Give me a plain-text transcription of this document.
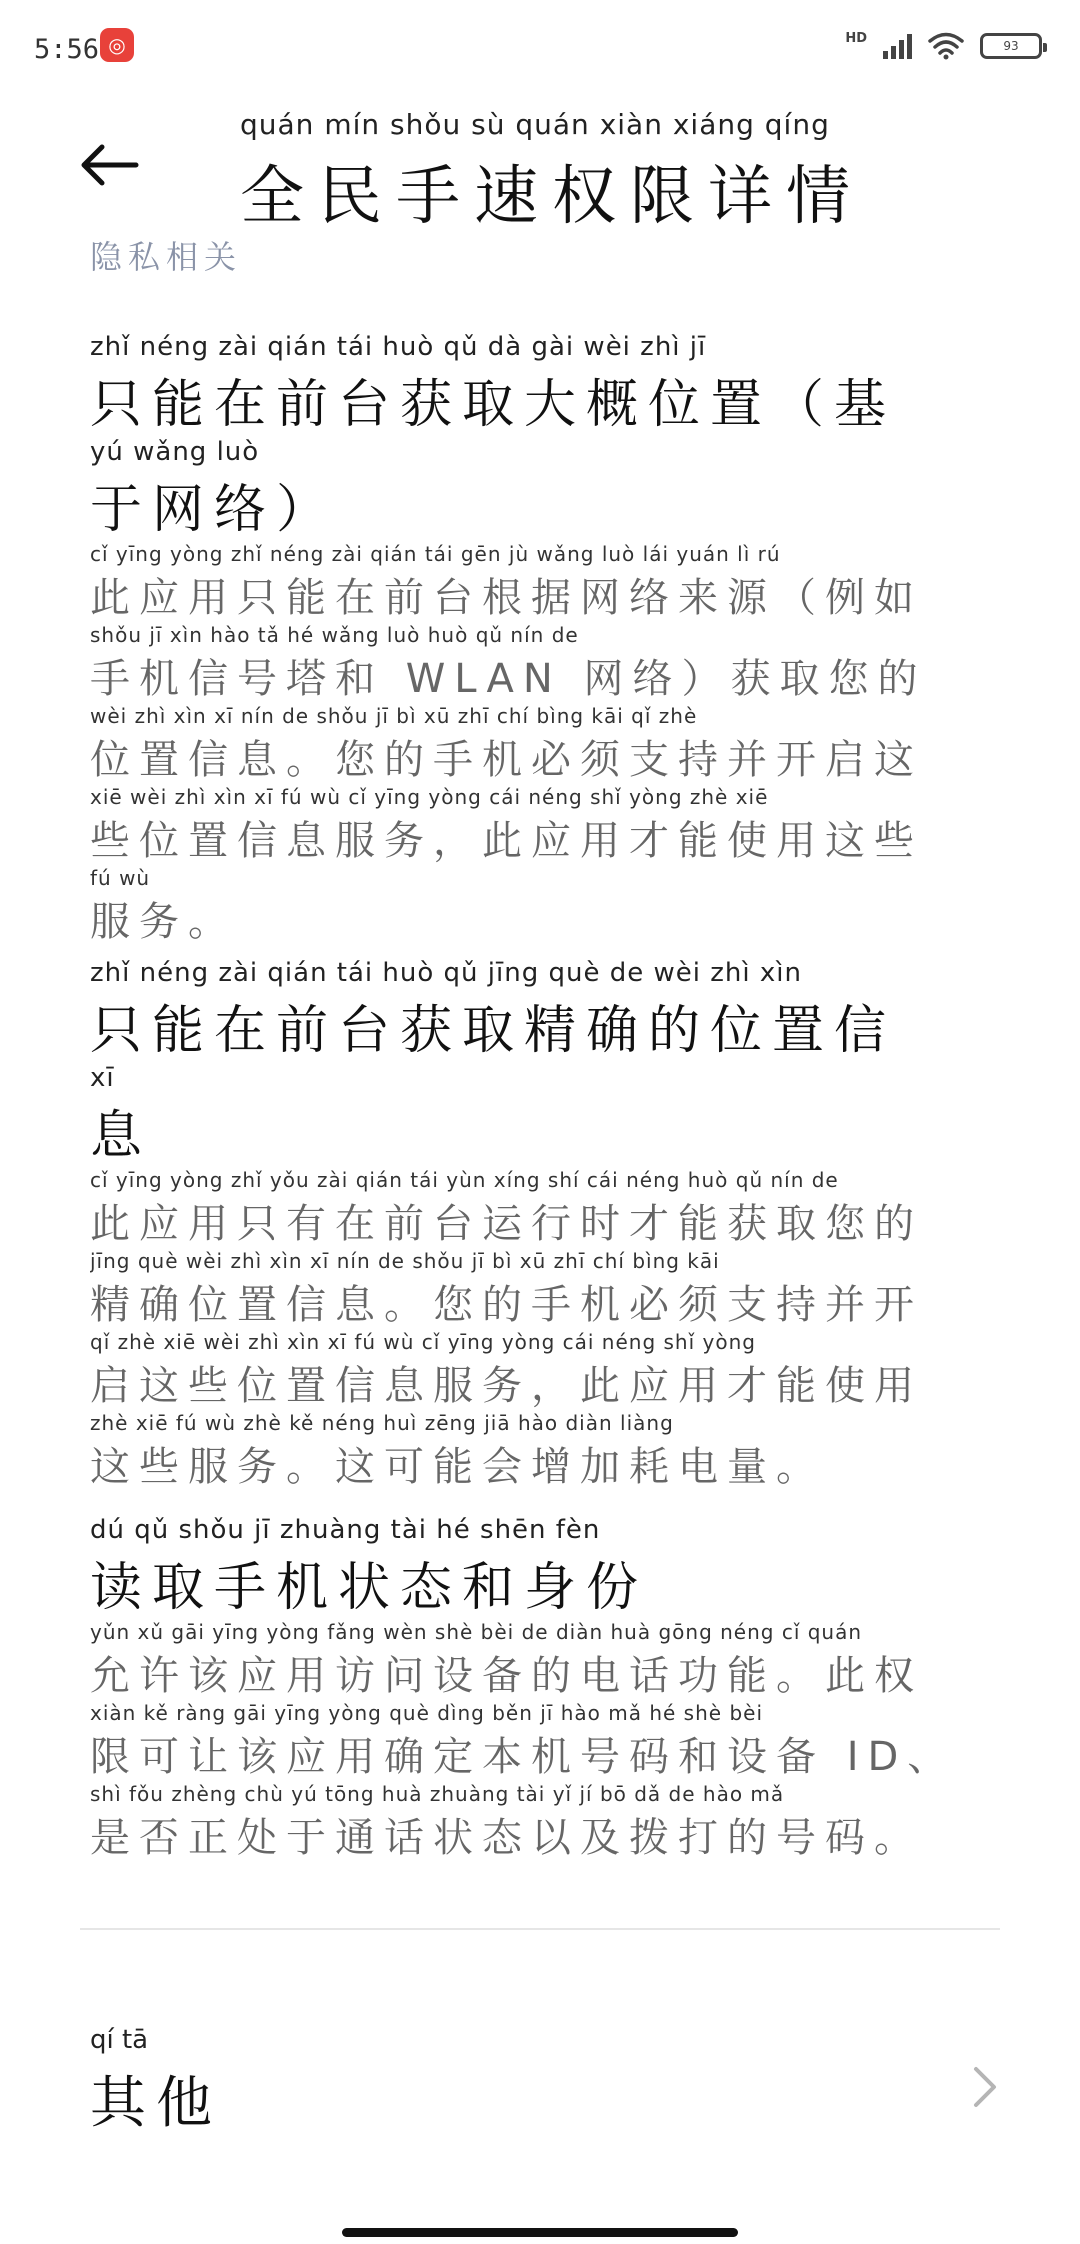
5:56 ◎	HD
93
quán mín shǒu sù quán xiàn xiáng qíng
全民手速权限详情
隐私相关
zhǐ néng zài qián tái huò qǔ dà gài wèi zhì jī
只能在前台获取大概位置（基
yú wǎng luò
于网络）
cǐ yīng yòng zhǐ néng zài qián tái gēn jù wǎng luò lái yuán lì rú
此应用只能在前台根据网络来源（例如
shǒu jī xìn hào tǎ hé wǎng luò huò qǔ nín de
手机信号塔和 WLAN 网络）获取您的
wèi zhì xìn xī nín de shǒu jī bì xū zhī chí bìng kāi qǐ zhè
位置信息。您的手机必须支持并开启这
xiē wèi zhì xìn xī fú wù cǐ yīng yòng cái néng shǐ yòng zhè xiē
些位置信息服务，此应用才能使用这些
fú wù
服务。
zhǐ néng zài qián tái huò qǔ jīng què de wèi zhì xìn
只能在前台获取精确的位置信
xī
息
cǐ yīng yòng zhǐ yǒu zài qián tái yùn xíng shí cái néng huò qǔ nín de
此应用只有在前台运行时才能获取您的
jīng què wèi zhì xìn xī nín de shǒu jī bì xū zhī chí bìng kāi
精确位置信息。您的手机必须支持并开
qǐ zhè xiē wèi zhì xìn xī fú wù cǐ yīng yòng cái néng shǐ yòng
启这些位置信息服务，此应用才能使用
zhè xiē fú wù zhè kě néng huì zēng jiā hào diàn liàng
这些服务。这可能会增加耗电量。
dú qǔ shǒu jī zhuàng tài hé shēn fèn
读取手机状态和身份
yǔn xǔ gāi yīng yòng fǎng wèn shè bèi de diàn huà gōng néng cǐ quán
允许该应用访问设备的电话功能。此权
xiàn kě ràng gāi yīng yòng què dìng běn jī hào mǎ hé shè bèi
限可让该应用确定本机号码和设备 ID、
shì fǒu zhèng chù yú tōng huà zhuàng tài yǐ jí bō dǎ de hào mǎ
是否正处于通话状态以及拨打的号码。
qí tā
其他
